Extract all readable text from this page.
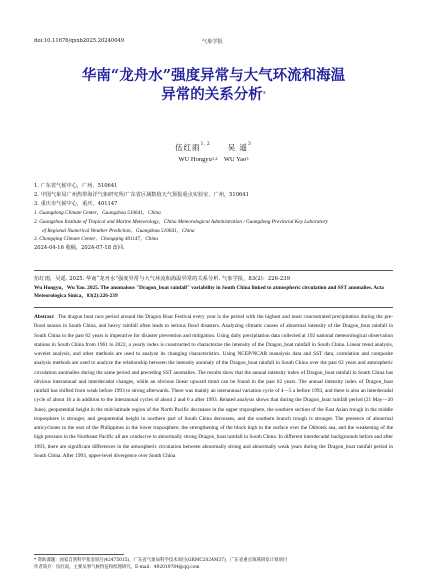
doi:10.11676/qxxb2025.20240049	气象学报
华南“龙舟水”强度异常与大气环流和海温
异常的关系分析*
伍红雨$^{1,2}$ 吴 遥$^3$
WU Hongyu$^{1,2}$ WU Yao$^3$
1. 广东省气候中心，广州，510641
2. 中国气象局广州热带海洋气象研究所/广东省区域数值天气预报重点实验室，广州，510641
3. 重庆市气候中心，重庆，401147
1. Guangdong Climate Center，Guangzhou 510641，China
2. Guangzhou Institute of Tropical and Marine Meteorology，China Meteorological Administration / Guangdong Provincial Key Laboratory
of Regional Numerical Weather Prediction，Guangzhou 510641，China
3. Chongqing Climate Center，Chongqing 401147，China
2024-04-16 收稿，2024-07-18 改回.
伍红雨，吴遥. 2025. 华南“龙舟水”强度异常与大气环流和海温异常的关系分析. 气象学报，83(2)：226-239
Wu Hongyu，Wu Yao. 2025. The anomalous "Dragon_boat rainfall" variability in South China linked to atmospheric circulation and SST anomalies. Acta Meteorologica Sinica，83(2):226-239
Abstract The dragon boat race period around the Dragon Boat Festival every year is the period with the highest and most concentrated precipitation during the pre-flood season in South China, and heavy rainfall often leads to serious flood disasters. Analyzing climatic causes of abnormal intensity of the Dragon_boat rainfall in South China in the past 62 years is imperative for disaster prevention and mitigation. Using daily precipitation data collected at 192 national meteorological observation stations in South China from 1961 to 2022, a yearly index is constructed to characterize the intensity of the Dragon_boat rainfall in South China. Linear trend analysis, wavelet analysis, and other methods are used to analyze its changing characteristics. Using NCEP/NCAR reanalysis data and SST data, correlation and composite analysis methods are used to analyze the relationship between the intensity anomaly of the Dragon_boat rainfall in South China over the past 62 years and atmospheric circulation anomalies during the same period and preceding SST anomalies. The results show that the annual intensity index of Dragon_boat rainfall in South China has obvious interannual and interdecadal changes, while an obvious linear upward trend can be found in the past 62 years. The annual intensity index of Dragon_boat rainfall has shifted from weak before 1993 to strong afterwards. There was mainly an interannual variation cycle of 4—5 a before 1993, and there is also an interdecadal cycle of about 16 a in addition to the interannual cycles of about 2 and 6 a after 1993. Related analysis shows that during the Dragon_boat rainfall period (21 May—20 June), geopotential height in the mid-latitude region of the North Pacific decreases in the upper troposphere, the southern section of the East Asian trough in the middle troposphere is stronger, and geopotential height in northern part of South China decreases, and the southern branch trough is stronger. The presence of abnormal anticyclones to the east of the Philippines in the lower troposphere, the strengthening of the block high in the surface over the Okhotsk sea, and the weakening of the high pressure in the Northeast Pacific all are conducive to abnormally strong Dragon_boat rainfall in South China. In different interdecadal backgrounds before and after 1993, there are significant differences in the atmospheric circulation between abnormally strong and abnormally weak years during the Dragon_boat rainfall period in South China. After 1993, upper-level divergence over South China
* 资助课题：国家自然科学基金项目(42475015)，广东省气象局科学技术项目(GRMC2024M37)，广东省重点领域研发计划项目
作者简介：伍红雨，主要从事气候特征和机理研究。E-mail：492019784@qq.com
